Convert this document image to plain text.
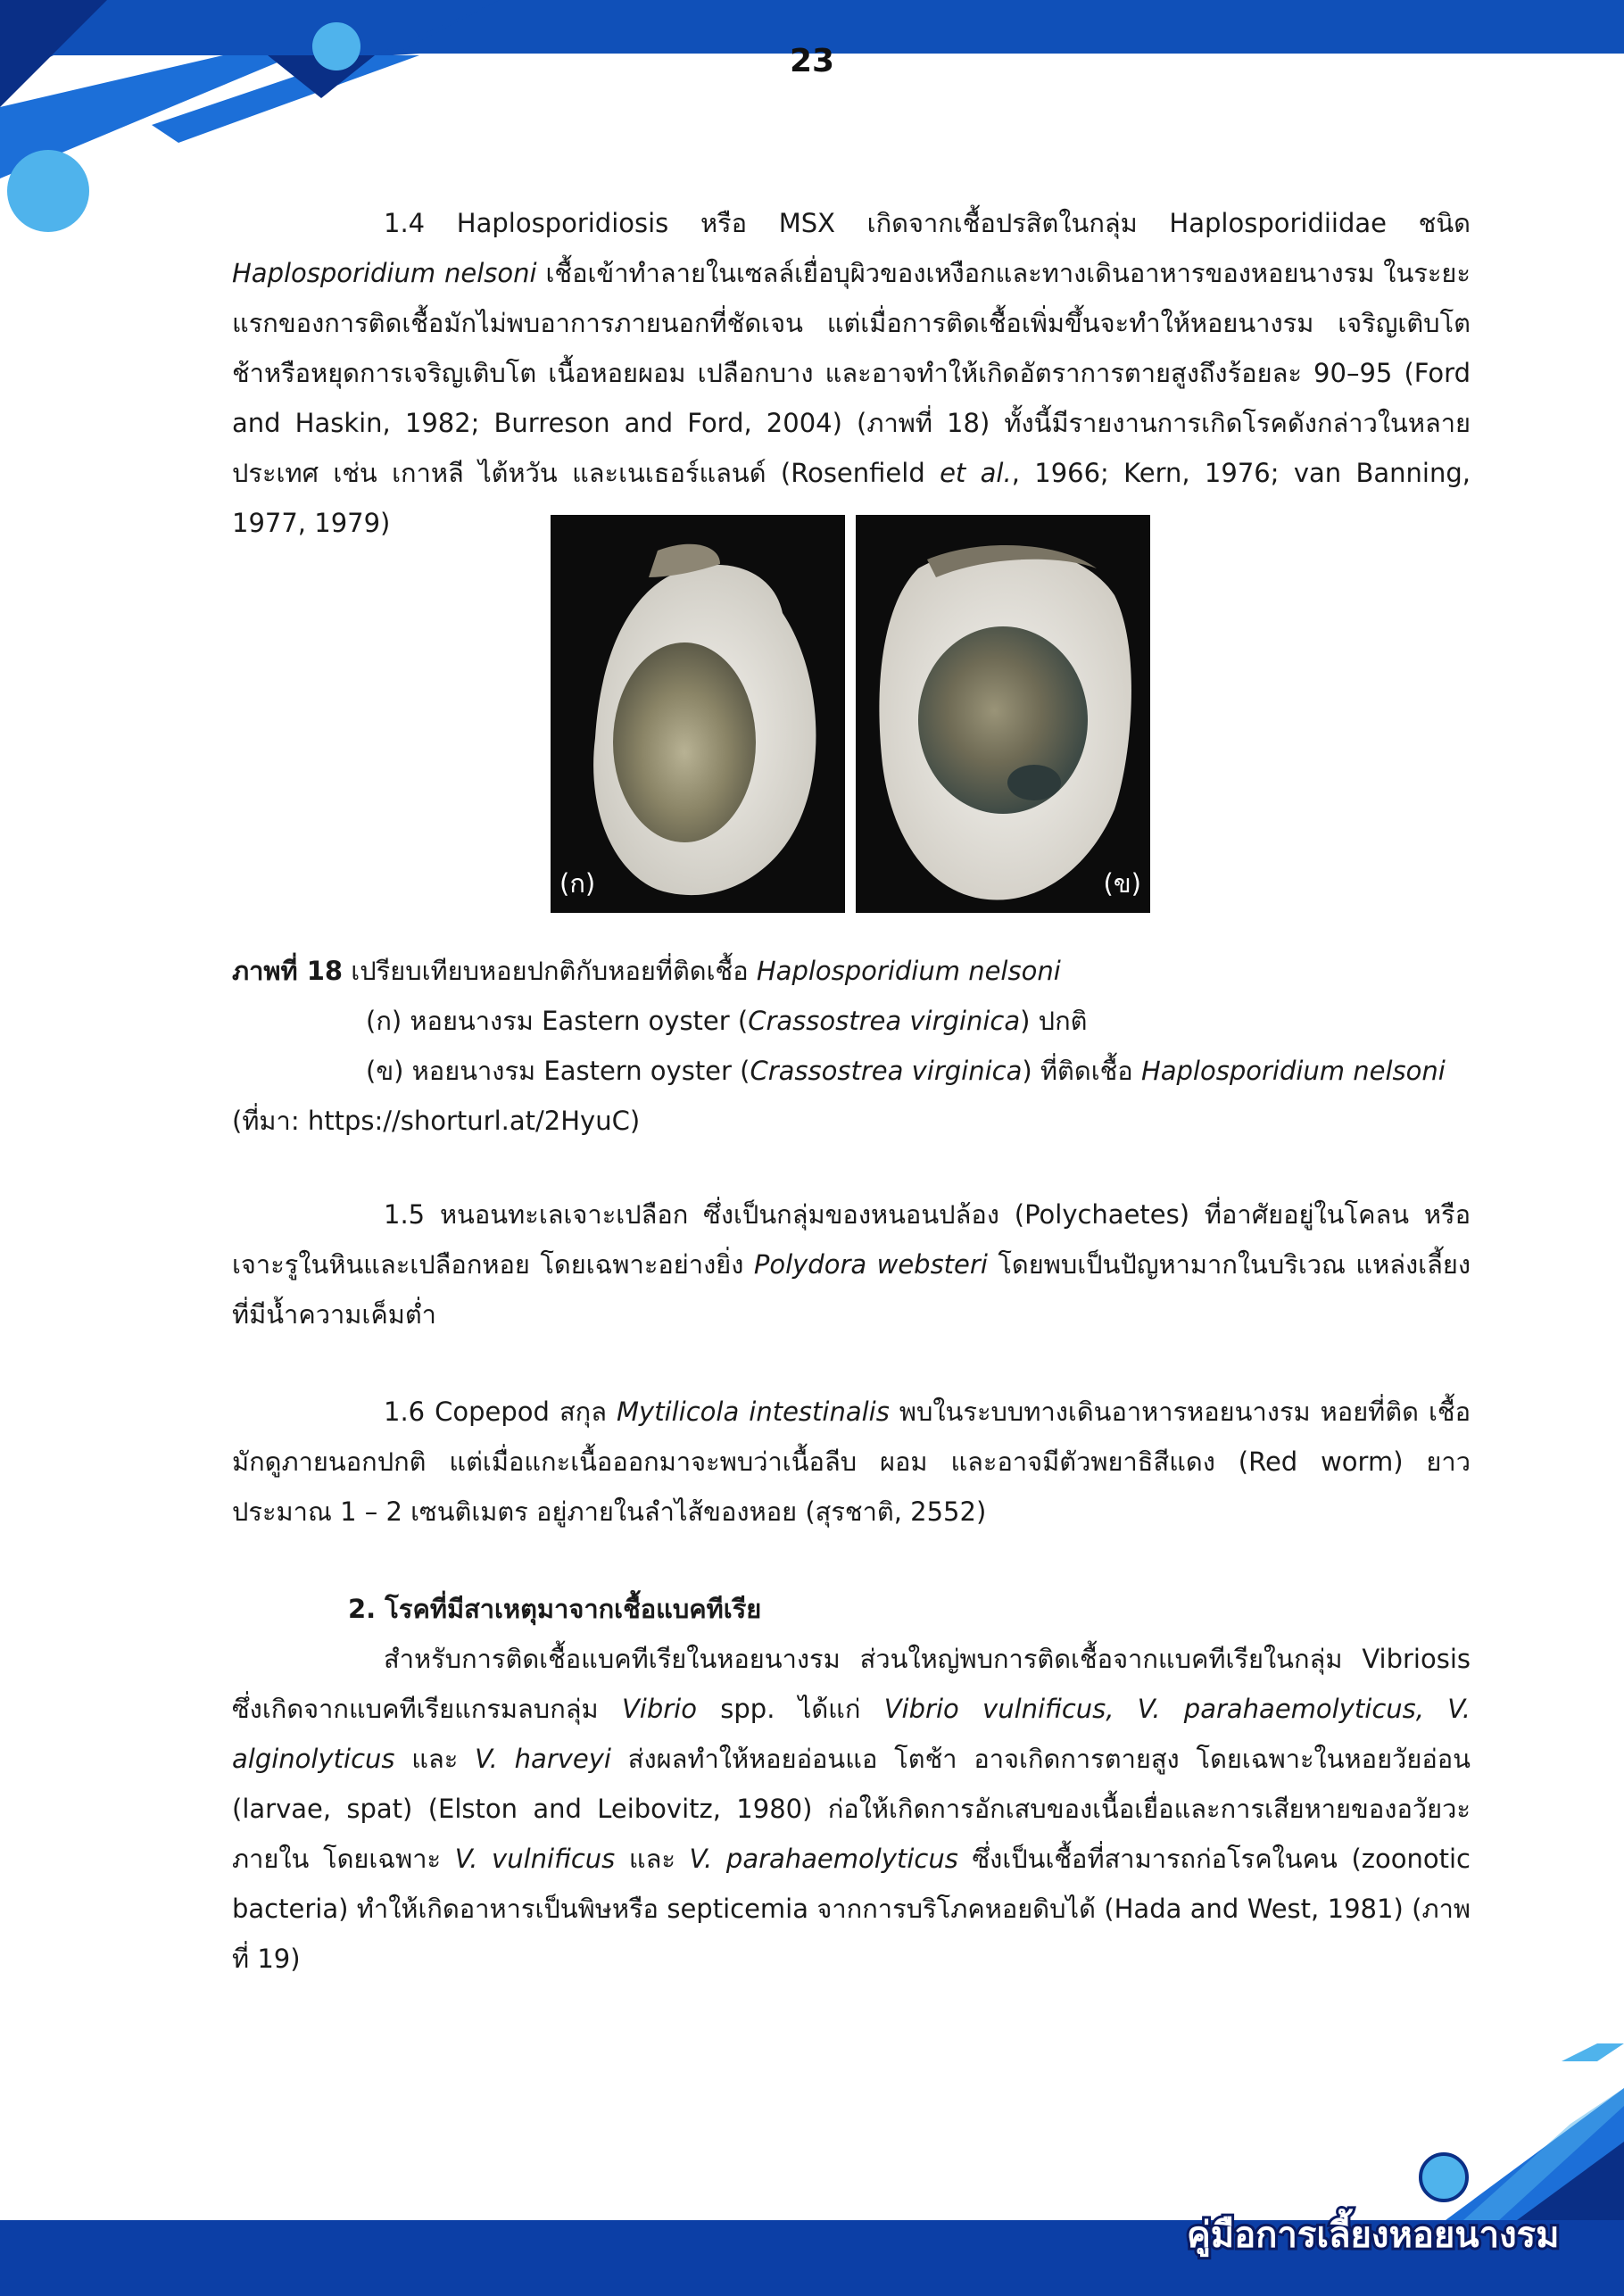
23

1.4 Haplosporidiosis หรือ MSX เกิดจากเชื้อปรสิตในกลุ่ม Haplosporidiidae ชนิด Haplosporidium nelsoni เชื้อเข้าทำลายในเซลล์เยื่อบุผิวของเหงือกและทางเดินอาหารของหอยนางรม ในระยะแรกของการติดเชื้อมักไม่พบอาการภายนอกที่ชัดเจน แต่เมื่อการติดเชื้อเพิ่มขึ้นจะทำให้หอยนางรม เจริญเติบโตช้าหรือหยุดการเจริญเติบโต เนื้อหอยผอม เปลือกบาง และอาจทำให้เกิดอัตราการตายสูงถึงร้อยละ 90–95 (Ford and Haskin, 1982; Burreson and Ford, 2004) (ภาพที่ 18) ทั้งนี้มีรายงานการเกิดโรคดังกล่าวในหลาย ประเทศ เช่น เกาหลี ไต้หวัน และเนเธอร์แลนด์ (Rosenfield et al., 1966; Kern, 1976; van Banning, 1977, 1979)

(ก)	(ข)

ภาพที่ 18 เปรียบเทียบหอยปกติกับหอยที่ติดเชื้อ Haplosporidium nelsoni

(ก) หอยนางรม Eastern oyster (Crassostrea virginica) ปกติ

(ข) หอยนางรม Eastern oyster (Crassostrea virginica) ที่ติดเชื้อ Haplosporidium nelsoni

(ที่มา: https://shorturl.at/2HyuC)

1.5 หนอนทะเลเจาะเปลือก ซึ่งเป็นกลุ่มของหนอนปล้อง (Polychaetes) ที่อาศัยอยู่ในโคลน หรือเจาะรูในหินและเปลือกหอย โดยเฉพาะอย่างยิ่ง Polydora websteri โดยพบเป็นปัญหามากในบริเวณ แหล่งเลี้ยงที่มีน้ำความเค็มต่ำ

1.6 Copepod สกุล Mytilicola intestinalis พบในระบบทางเดินอาหารหอยนางรม หอยที่ติด เชื้อมักดูภายนอกปกติ แต่เมื่อแกะเนื้อออกมาจะพบว่าเนื้อลีบ ผอม และอาจมีตัวพยาธิสีแดง (Red worm) ยาว ประมาณ 1 – 2 เซนติเมตร อยู่ภายในลำไส้ของหอย (สุรชาติ, 2552)

2. โรคที่มีสาเหตุมาจากเชื้อแบคทีเรีย

สำหรับการติดเชื้อแบคทีเรียในหอยนางรม ส่วนใหญ่พบการติดเชื้อจากแบคทีเรียในกลุ่ม Vibriosis ซึ่งเกิดจากแบคทีเรียแกรมลบกลุ่ม Vibrio spp. ได้แก่ Vibrio vulnificus, V. parahaemolyticus, V. alginolyticus และ V. harveyi ส่งผลทำให้หอยอ่อนแอ โตช้า อาจเกิดการตายสูง โดยเฉพาะในหอยวัยอ่อน (larvae, spat) (Elston and Leibovitz, 1980) ก่อให้เกิดการอักเสบของเนื้อเยื่อและการเสียหายของอวัยวะภายใน โดยเฉพาะ V. vulnificus และ V. parahaemolyticus ซึ่งเป็นเชื้อที่สามารถก่อโรคในคน (zoonotic bacteria) ทำให้เกิดอาหารเป็นพิษหรือ septicemia จากการบริโภคหอยดิบได้ (Hada and West, 1981) (ภาพที่ 19)

คู่มือการเลี้ยงหอยนางรม
